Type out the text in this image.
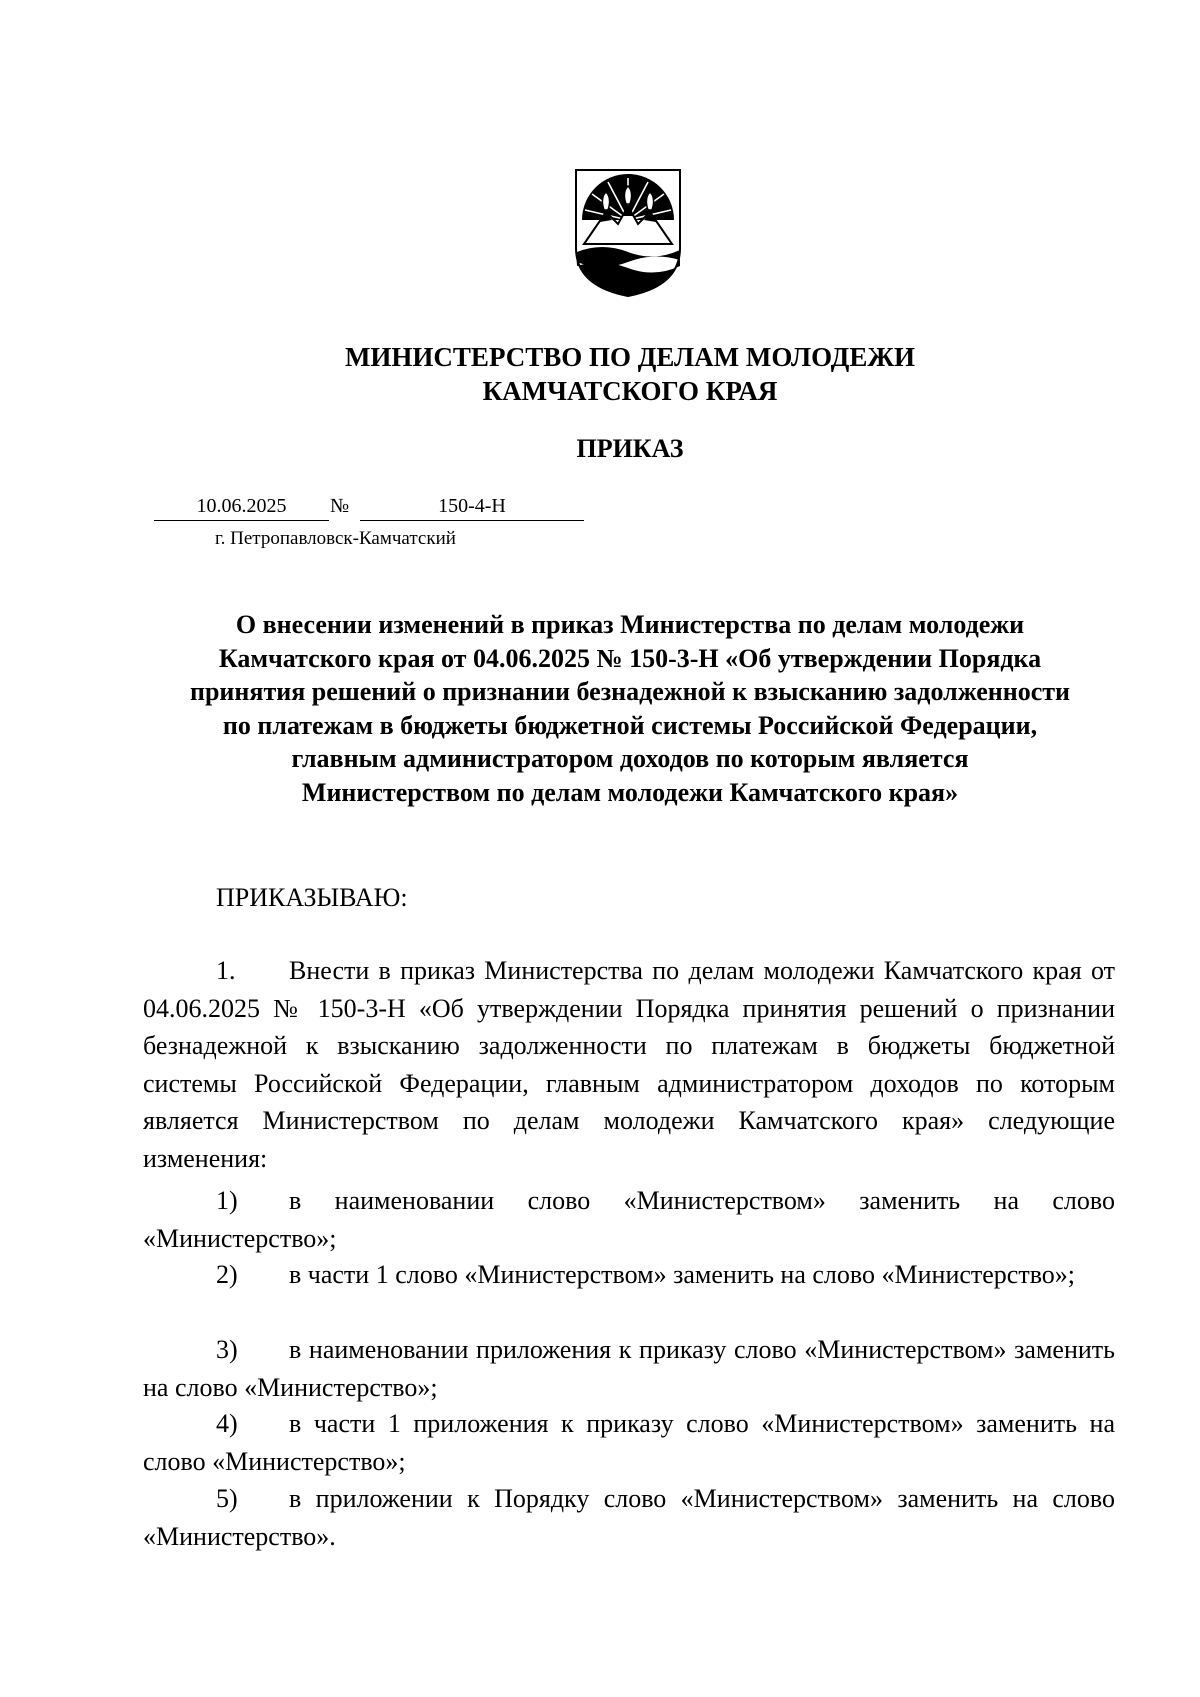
МИНИСТЕРСТВО ПО ДЕЛАМ МОЛОДЕЖИ
КАМЧАТСКОГО КРАЯ
ПРИКАЗ
10.06.2025	№	150-4-Н
г. Петропавловск-Камчатский
О внесении изменений в приказ Министерства по делам молодежи
Камчатского края от 04.06.2025 № 150-3-Н «Об утверждении Порядка
принятия решений о признании безнадежной к взысканию задолженности
по платежам в бюджеты бюджетной системы Российской Федерации,
главным администратором доходов по которым является
Министерством по делам молодежи Камчатского края»
ПРИКАЗЫВАЮ:
1. Внести в приказ Министерства по делам молодежи Камчатского края от 04.06.2025 № 150-3-Н «Об утверждении Порядка принятия решений о признании безнадежной к взысканию задолженности по платежам в бюджеты бюджетной системы Российской Федерации, главным администратором доходов по которым является Министерством по делам молодежи Камчатского края» следующие изменения:
1) в наименовании слово «Министерством» заменить на слово «Министерство»;
2) в части 1 слово «Министерством» заменить на слово «Министерство»;
3) в наименовании приложения к приказу слово «Министерством» заменить на слово «Министерство»;
4) в части 1 приложения к приказу слово «Министерством» заменить на слово «Министерство»;
5) в приложении к Порядку слово «Министерством» заменить на слово «Министерство».
